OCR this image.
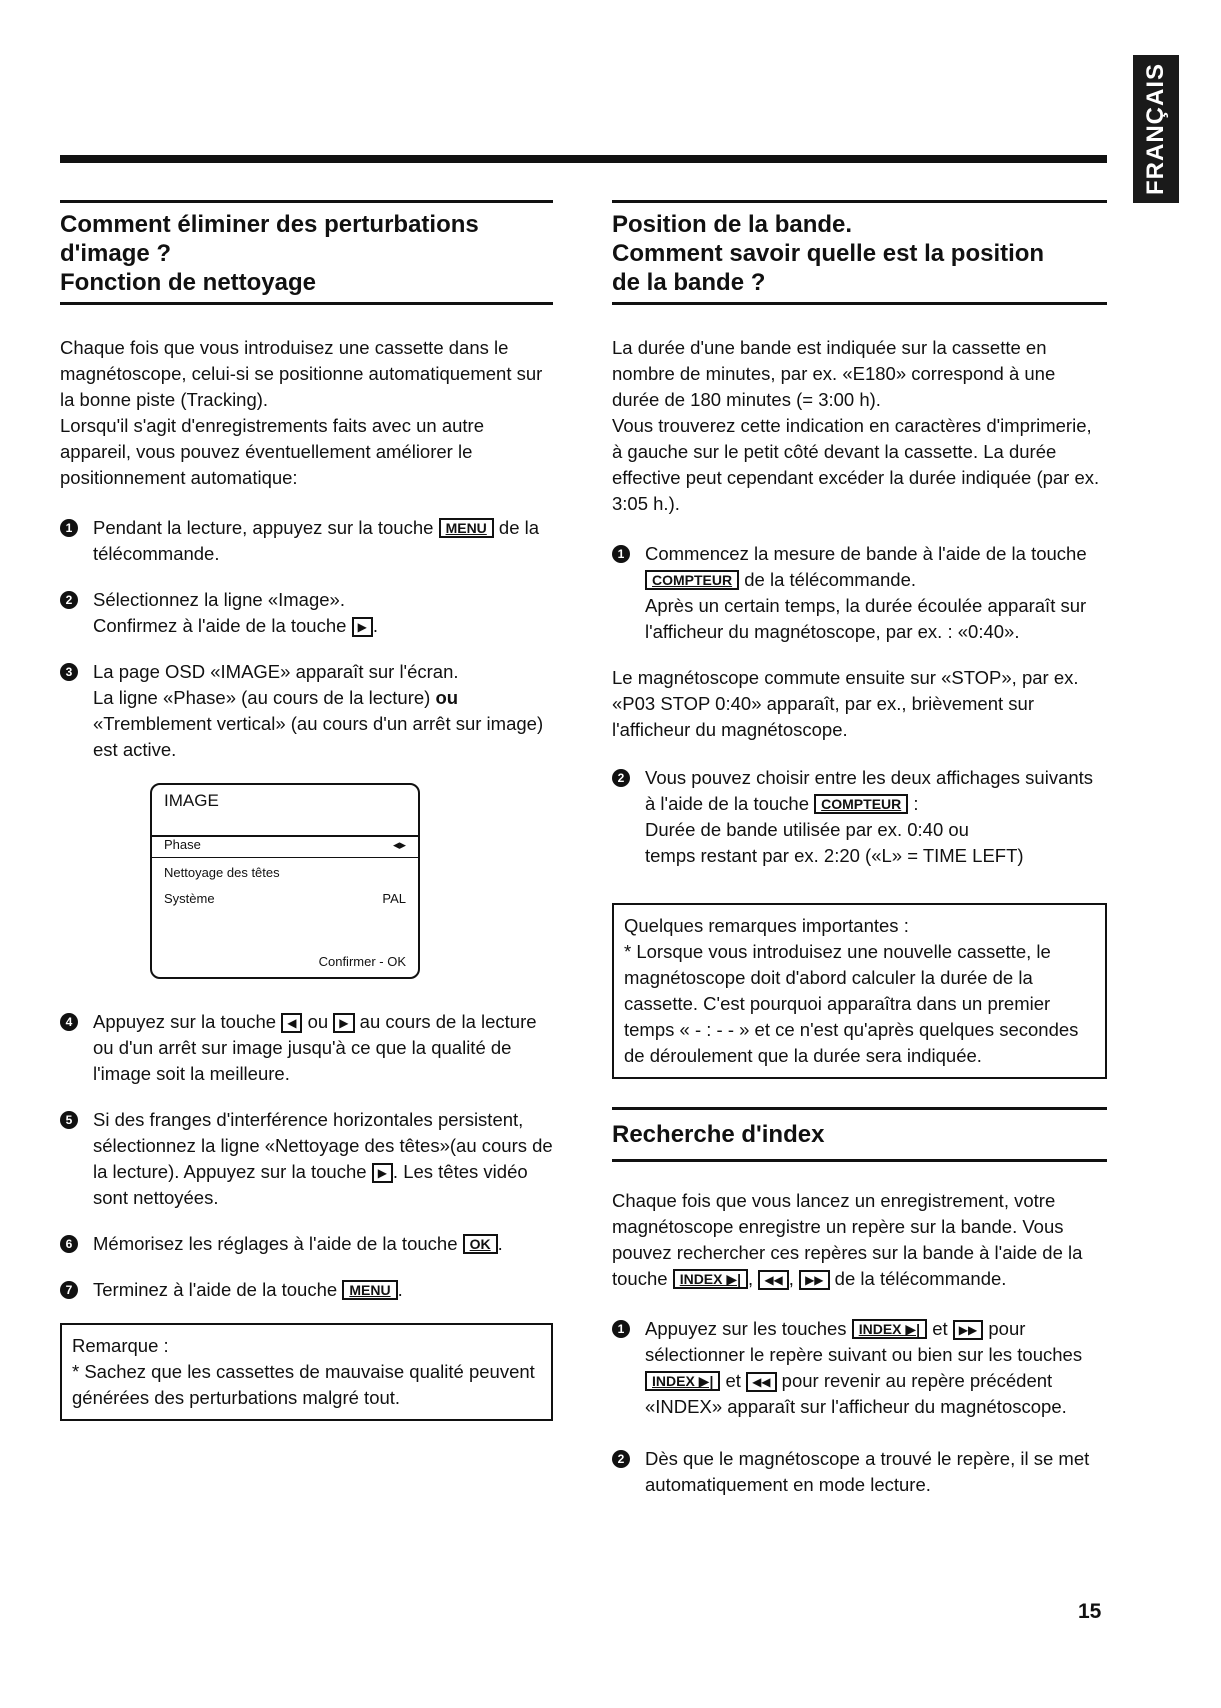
FRANÇAIS
Comment éliminer des perturbations
d'image ?
Fonction de nettoyage

Chaque fois que vous introduisez une cassette dans le magnétoscope, celui-si se positionne automatiquement sur la bonne piste (Tracking).

Lorsqu'il s'agit d'enregistrements faits avec un autre appareil, vous pouvez éventuellement améliorer le positionnement automatique:

1	Pendant la lecture, appuyez sur la touche MENU de la télécommande.
2	Sélectionnez la ligne «Image».
Confirmez à l'aide de la touche ▶ .
3	La page OSD «IMAGE» apparaît sur l'écran.
La ligne «Phase» (au cours de la lecture) ou «Tremblement vertical» (au cours d'un arrêt sur image) est active.
IMAGE
Phase	◂▸
Nettoyage des têtes
Système	PAL
Confirmer - OK
4	Appuyez sur la touche ◀ ou ▶ au cours de la lecture ou d'un arrêt sur image jusqu'à ce que la qualité de l'image soit la meilleure.
5	Si des franges d'interférence horizontales persistent, sélectionnez la ligne «Nettoyage des têtes»(au cours de la lecture). Appuyez sur la touche ▶ . Les têtes vidéo sont nettoyées.
6	Mémorisez les réglages à l'aide de la touche OK .
7	Terminez à l'aide de la touche MENU .
Remarque :
* Sachez que les cassettes de mauvaise qualité peuvent générées des perturbations malgré tout.
Position de la bande.
Comment savoir quelle est la position
de la bande ?

La durée d'une bande est indiquée sur la cassette en nombre de minutes, par ex. «E180» correspond à une durée de 180 minutes (= 3:00 h).

Vous trouverez cette indication en caractères d'imprimerie, à gauche sur le petit côté devant la cassette. La durée effective peut cependant excéder la durée indiquée (par ex. 3:05 h.).

1	Commencez la mesure de bande à l'aide de la touche COMPTEUR de la télécommande.
Après un certain temps, la durée écoulée apparaît sur l'afficheur du magnétoscope, par ex. : «0:40».

Le magnétoscope commute ensuite sur «STOP», par ex. «P03 STOP 0:40» apparaît, par ex., brièvement sur l'afficheur du magnétoscope.

2	Vous pouvez choisir entre les deux affichages suivants à l'aide de la touche COMPTEUR :
Durée de bande utilisée par ex. 0:40 ou
temps restant par ex. 2:20 («L» = TIME LEFT)
Quelques remarques importantes :
* Lorsque vous introduisez une nouvelle cassette, le magnétoscope doit d'abord calculer la durée de la cassette. C'est pourquoi apparaîtra dans un premier temps « - : - - » et ce n'est qu'après quelques secondes de déroulement que la durée sera indiquée.
Recherche d'index

Chaque fois que vous lancez un enregistrement, votre magnétoscope enregistre un repère sur la bande. Vous pouvez rechercher ces repères sur la bande à l'aide de la touche INDEX ▶| , ◀◀ , ▶▶ de la télécommande.

1	Appuyez sur les touches INDEX ▶| et ▶▶ pour sélectionner le repère suivant ou bien sur les touches INDEX ▶| et ◀◀ pour revenir au repère précédent «INDEX» apparaît sur l'afficheur du magnétoscope.
2	Dès que le magnétoscope a trouvé le repère, il se met automatiquement en mode lecture.
15
